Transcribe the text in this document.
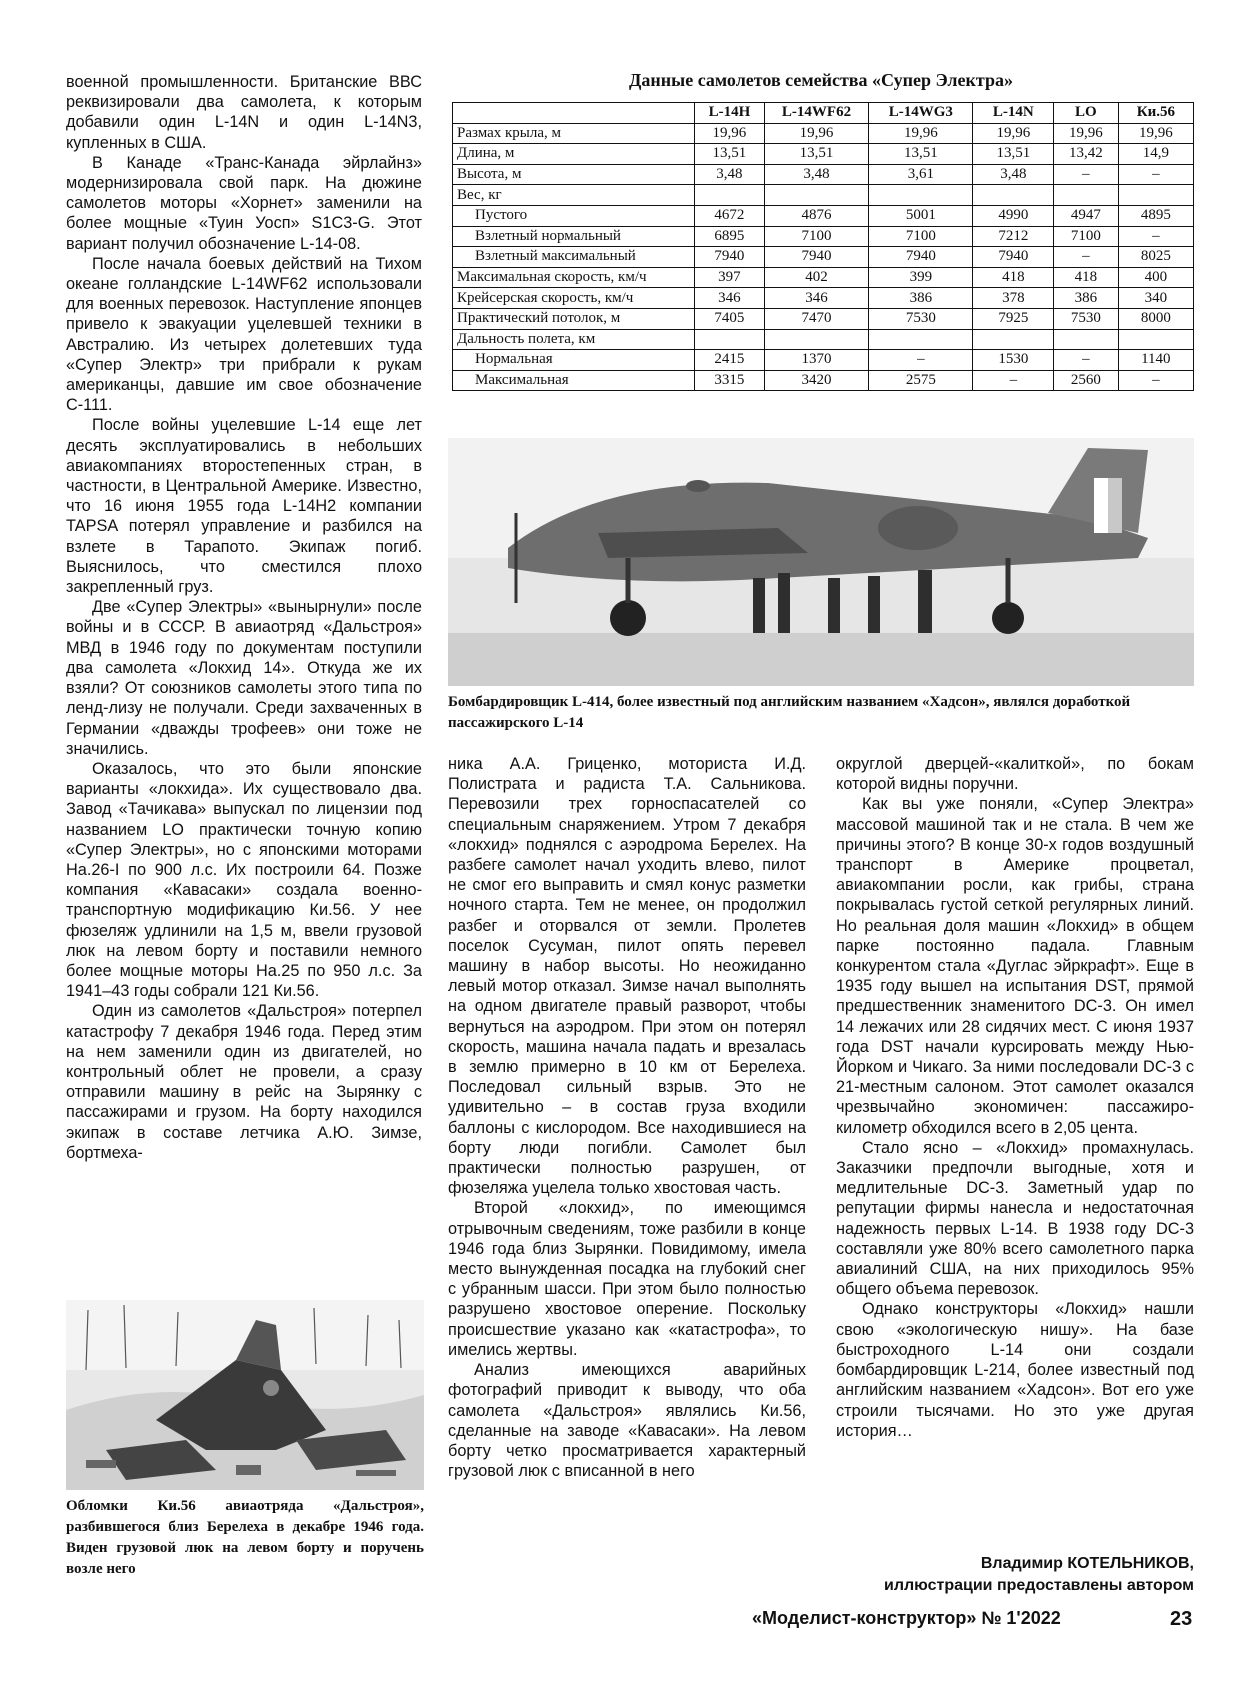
военной промышленности. Британские ВВС реквизировали два самолета, к которым добавили один L-14N и один L-14N3, купленных в США.

В Канаде «Транс-Канада эйрлайнз» модернизировала свой парк. На дюжине самолетов моторы «Хорнет» заменили на более мощные «Туин Уосп» S1C3-G. Этот вариант получил обозначение L-14-08.

После начала боевых действий на Тихом океане голландские L-14WF62 использовали для военных перевозок. Наступление японцев привело к эвакуации уцелевшей техники в Австралию. Из четырех долетевших туда «Супер Электр» три прибрали к рукам американцы, давшие им свое обозначение С-111.

После войны уцелевшие L-14 еще лет десять эксплуатировались в небольших авиакомпаниях второстепенных стран, в частности, в Центральной Америке. Известно, что 16 июня 1955 года L-14H2 компании TAPSA потерял управление и разбился на взлете в Тарапото. Экипаж погиб. Выяснилось, что сместился плохо закрепленный груз.

Две «Супер Электры» «вынырнули» после войны и в СССР. В авиаотряд «Дальстроя» МВД в 1946 году по документам поступили два самолета «Локхид 14». Откуда же их взяли? От союзников самолеты этого типа по ленд-лизу не получали. Среди захваченных в Германии «дважды трофеев» они тоже не значились.

Оказалось, что это были японские варианты «локхида». Их существовало два. Завод «Тачикава» выпускал по лицензии под названием LO практически точную копию «Супер Электры», но с японскими моторами На.26-I по 900 л.с. Их построили 64. Позже компания «Кавасаки» создала военно-транспортную модификацию Ки.56. У нее фюзеляж удлинили на 1,5 м, ввели грузовой люк на левом борту и поставили немного более мощные моторы На.25 по 950 л.с. За 1941–43 годы собрали 121 Ки.56.

Один из самолетов «Дальстроя» потерпел катастрофу 7 декабря 1946 года. Перед этим на нем заменили один из двигателей, но контрольный облет не провели, а сразу отправили машину в рейс на Зырянку с пассажирами и грузом. На борту находился экипаж в составе летчика А.Ю. Зимзе, бортмеха-

Обломки Ки.56 авиаотряда «Дальстроя», разбившегося близ Берелеха в декабре 1946 года. Виден грузовой люк на левом борту и поручень возле него
Данные самолетов семейства «Супер Электра»
	L-14H	L-14WF62	L-14WG3	L-14N	LO	Ки.56
Размах крыла, м	19,96	19,96	19,96	19,96	19,96	19,96
Длина, м	13,51	13,51	13,51	13,51	13,42	14,9
Высота, м	3,48	3,48	3,61	3,48	–	–
Вес, кг						
Пустого	4672	4876	5001	4990	4947	4895
Взлетный нормальный	6895	7100	7100	7212	7100	–
Взлетный максимальный	7940	7940	7940	7940	–	8025
Максимальная скорость, км/ч	397	402	399	418	418	400
Крейсерская скорость, км/ч	346	346	386	378	386	340
Практический потолок, м	7405	7470	7530	7925	7530	8000
Дальность полета, км						
Нормальная	2415	1370	–	1530	–	1140
Максимальная	3315	3420	2575	–	2560	–
Бомбардировщик L-414, более известный под английским названием «Хадсон», являлся доработкой пассажирского L-14

ника А.А. Гриценко, моториста И.Д. Полистрата и радиста Т.А. Сальникова. Перевозили трех горноспасателей со специальным снаряжением. Утром 7 декабря «локхид» поднялся с аэродрома Берелех. На разбеге самолет начал уходить влево, пилот не смог его выправить и смял конус разметки ночного старта. Тем не менее, он продолжил разбег и оторвался от земли. Пролетев поселок Сусуман, пилот опять перевел машину в набор высоты. Но неожиданно левый мотор отказал. Зимзе начал выполнять на одном двигателе правый разворот, чтобы вернуться на аэродром. При этом он потерял скорость, машина начала падать и врезалась в землю примерно в 10 км от Берелеха. Последовал сильный взрыв. Это не удивительно – в состав груза входили баллоны с кислородом. Все находившиеся на борту люди погибли. Самолет был практически полностью разрушен, от фюзеляжа уцелела только хвостовая часть.

Второй «локхид», по имеющимся отрывочным сведениям, тоже разбили в конце 1946 года близ Зырянки. Повидимому, имела место вынужденная посадка на глубокий снег с убранным шасси. При этом было полностью разрушено хвостовое оперение. Поскольку происшествие указано как «катастрофа», то имелись жертвы.

Анализ имеющихся аварийных фотографий приводит к выводу, что оба самолета «Дальстроя» являлись Ки.56, сделанные на заводе «Кавасаки». На левом борту четко просматривается характерный грузовой люк с вписанной в него

округлой дверцей-«калиткой», по бокам которой видны поручни.

Как вы уже поняли, «Супер Электра» массовой машиной так и не стала. В чем же причины этого? В конце 30-х годов воздушный транспорт в Америке процветал, авиакомпании росли, как грибы, страна покрывалась густой сеткой регулярных линий. Но реальная доля машин «Локхид» в общем парке постоянно падала. Главным конкурентом стала «Дуглас эйркрафт». Еще в 1935 году вышел на испытания DST, прямой предшественник знаменитого DC-3. Он имел 14 лежачих или 28 сидячих мест. С июня 1937 года DST начали курсировать между Нью-Йорком и Чикаго. За ними последовали DC-3 с 21-местным салоном. Этот самолет оказался чрезвычайно экономичен: пассажиро-километр обходился всего в 2,05 цента.

Стало ясно – «Локхид» промахнулась. Заказчики предпочли выгодные, хотя и медлительные DC-3. Заметный удар по репутации фирмы нанесла и недостаточная надежность первых L-14. В 1938 году DC-3 составляли уже 80% всего самолетного парка авиалиний США, на них приходилось 95% общего объема перевозок.

Однако конструкторы «Локхид» нашли свою «экологическую нишу». На базе быстроходного L-14 они создали бомбардировщик L-214, более известный под английским названием «Хадсон». Вот его уже строили тысячами. Но это уже другая история…

Владимир КОТЕЛЬНИКОВ,
иллюстрации предоставлены автором
«Моделист-конструктор» № 1'2022	23
